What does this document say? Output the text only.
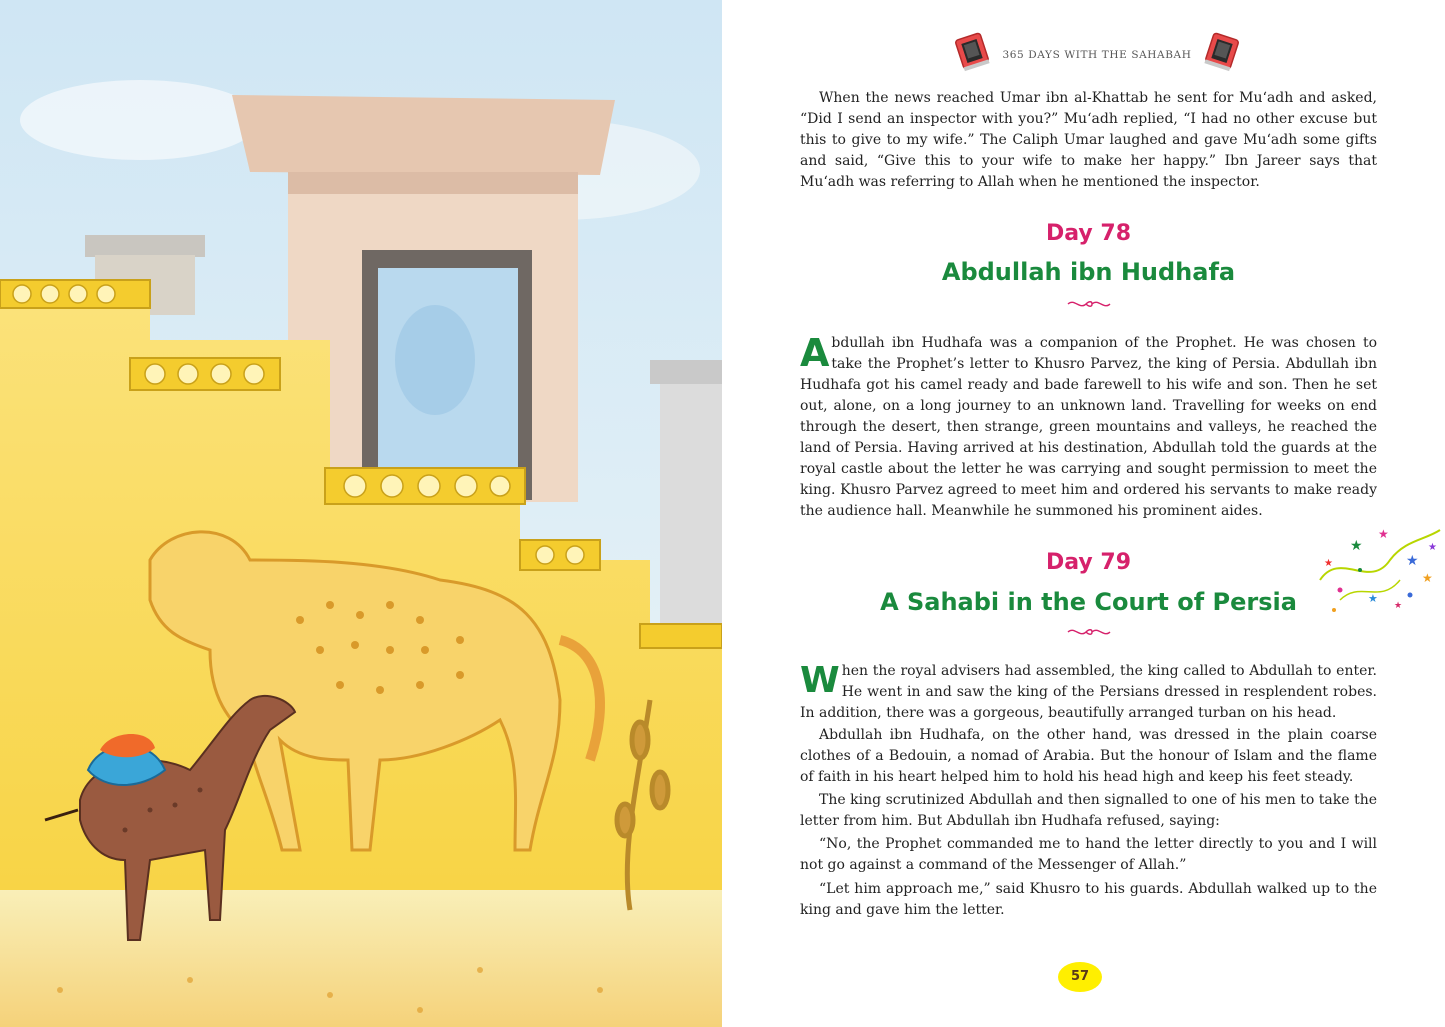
365 DAYS WITH THE SAHABAH

When the news reached Umar ibn al-Khattab he sent for Mu‘adh and asked, “Did I send an inspector with you?” Mu‘adh replied, “I had no other excuse but this to give to my wife.” The Caliph Umar laughed and gave Mu‘adh some gifts and said, “Give this to your wife to make her happy.” Ibn Jareer says that Mu‘adh was referring to Allah when he mentioned the inspector.

Day 78
Abdullah ibn Hudhafa

Abdullah ibn Hudhafa was a companion of the Prophet. He was chosen to take the Prophet’s letter to Khusro Parvez, the king of Persia. Abdullah ibn Hudhafa got his camel ready and bade farewell to his wife and son. Then he set out, alone, on a long journey to an unknown land. Travelling for weeks on end through the desert, then strange, green mountains and valleys, he reached the land of Persia. Having arrived at his destination, Abdullah told the guards at the royal castle about the letter he was carrying and sought permission to meet the king. Khusro Parvez agreed to meet him and ordered his servants to make ready the audience hall. Meanwhile he summoned his prominent aides.

★
★
★
★
★
★
★
★
Day 79
A Sahabi in the Court of Persia

When the royal advisers had assembled, the king called to Abdullah to enter. He went in and saw the king of the Persians dressed in resplendent robes. In addition, there was a gorgeous, beautifully arranged turban on his head.

Abdullah ibn Hudhafa, on the other hand, was dressed in the plain coarse clothes of a Bedouin, a nomad of Arabia. But the honour of Islam and the flame of faith in his heart helped him to hold his head high and keep his feet steady.

The king scrutinized Abdullah and then signalled to one of his men to take the letter from him. But Abdullah ibn Hudhafa refused, saying:

“No, the Prophet commanded me to hand the letter directly to you and I will not go against a command of the Messenger of Allah.”

“Let him approach me,” said Khusro to his guards. Abdullah walked up to the king and gave him the letter.

57
